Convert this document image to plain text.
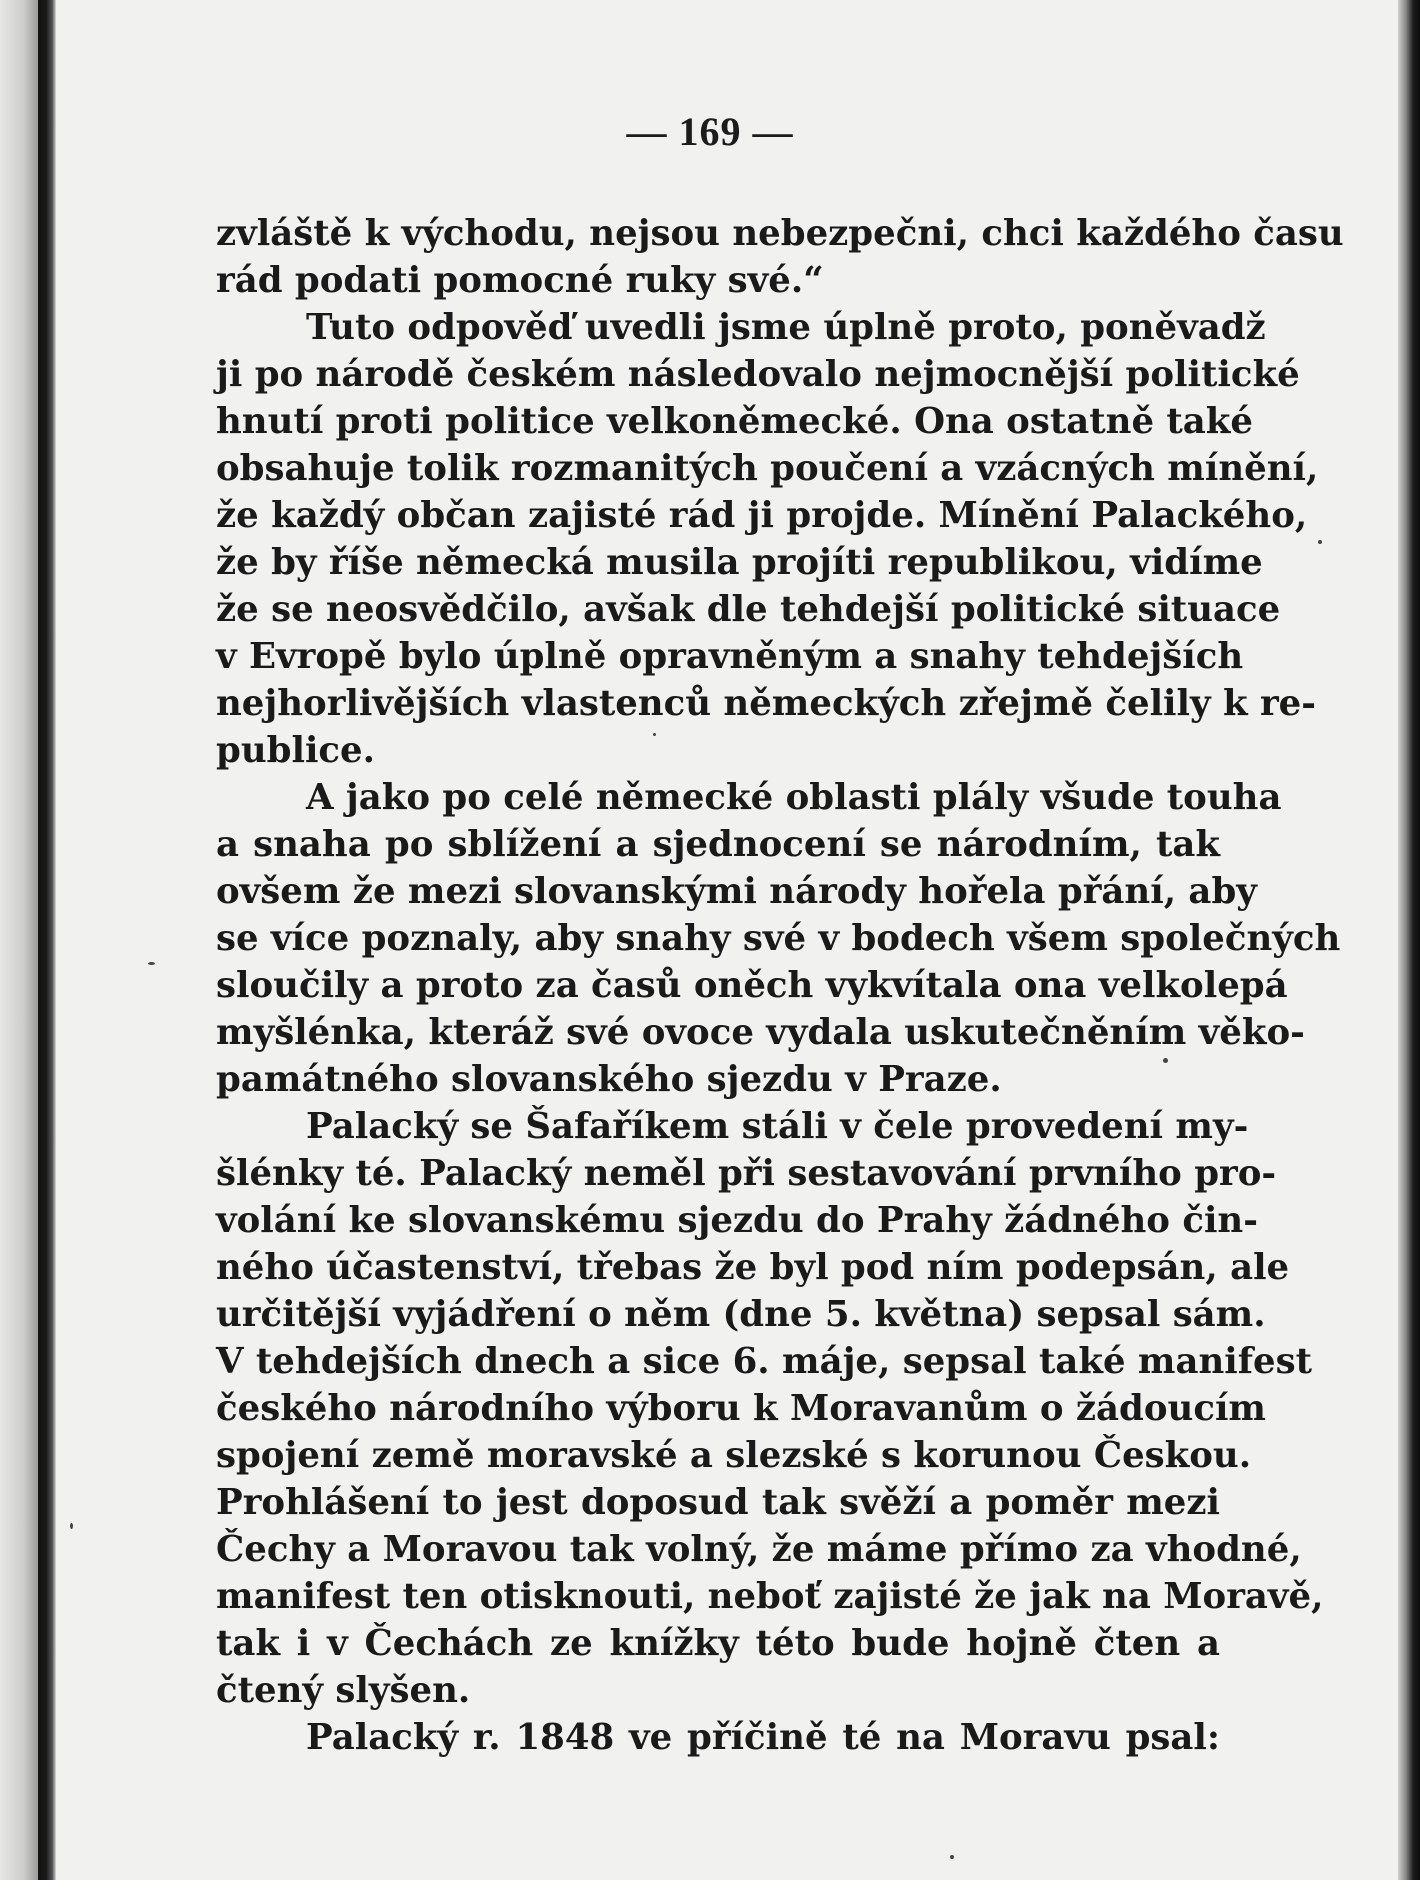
— 169 —
zvláště k východu, nejsou nebezpečni, chci každého času
rád podati pomocné ruky své.“
Tuto odpověď uvedli jsme úplně proto, poněvadž
ji po národě českém následovalo nejmocnější politické
hnutí proti politice velkoněmecké. Ona ostatně také
obsahuje tolik rozmanitých poučení a vzácných mínění,
že každý občan zajisté rád ji projde. Mínění Palackého,
že by říše německá musila projíti republikou, vidíme
že se neosvědčilo, avšak dle tehdejší politické situace
v Evropě bylo úplně opravněným a snahy tehdejších
nejhorlivějších vlastenců německých zřejmě čelily k re-
publice.
A jako po celé německé oblasti plály všude touha
a snaha po sblížení a sjednocení se národním, tak
ovšem že mezi slovanskými národy hořela přání, aby
se více poznaly, aby snahy své v bodech všem společných
sloučily a proto za časů oněch vykvítala ona velkolepá
myšlénka, kteráž své ovoce vydala uskutečněním věko-
památného slovanského sjezdu v Praze.
Palacký se Šafaříkem stáli v čele provedení my-
šlénky té. Palacký neměl při sestavování prvního pro-
volání ke slovanskému sjezdu do Prahy žádného čin-
ného účastenství, třebas že byl pod ním podepsán, ale
určitější vyjádření o něm (dne 5. května) sepsal sám.
V tehdejších dnech a sice 6. máje, sepsal také manifest
českého národního výboru k Moravanům o žádoucím
spojení země moravské a slezské s korunou Českou.
Prohlášení to jest doposud tak svěží a poměr mezi
Čechy a Moravou tak volný, že máme přímo za vhodné,
manifest ten otisknouti, neboť zajisté že jak na Moravě,
tak i v Čechách ze knížky této bude hojně čten a
čtený slyšen.
Palacký r. 1848 ve příčině té na Moravu psal:
